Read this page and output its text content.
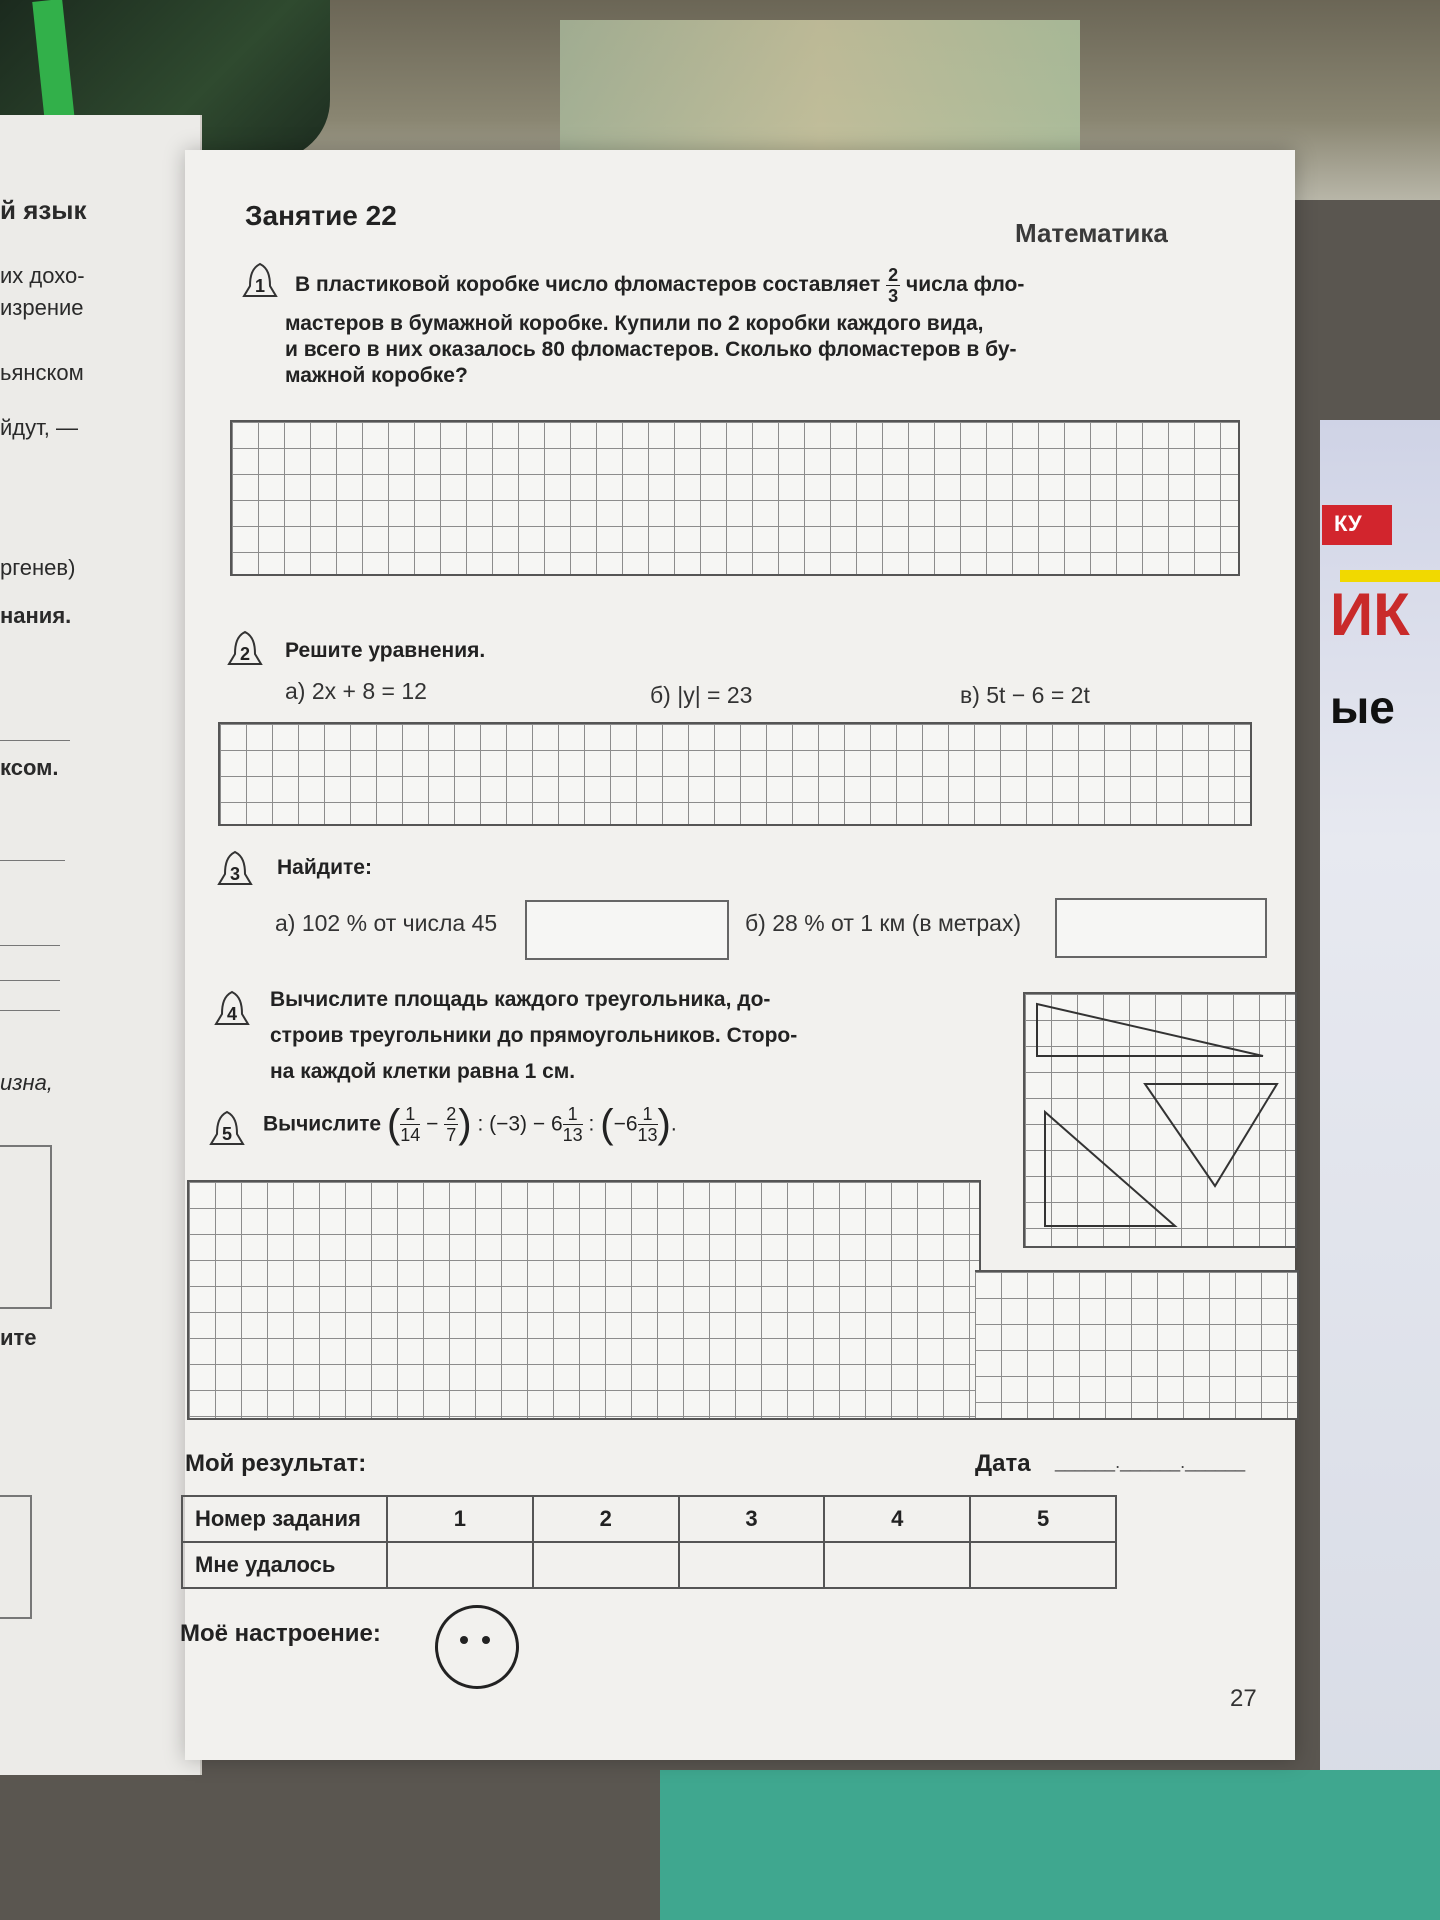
КУ
ИК
ые
й язык
их дохо-
изрение
ьянском
йдут, —
ргенев)
нания.
ксом.
изна,
ите
Занятие 22
Математика
1 В пластиковой коробке число фломастеров составляет $\frac{2}{3}$ числа фло-
мастеров в бумажной коробке. Купили по 2 коробки каждого вида,
и всего в них оказалось 80 фломастеров. Сколько фломастеров в бу-
мажной коробке?
2 Решите уравнения.
а) 2x + 8 = 12	б) |y| = 23	в) 5t − 6 = 2t
3 Найдите:
а) 102 % от числа 45	б) 28 % от 1 км (в метрах)
4
Вычислите площадь каждого треугольника, до-
строив треугольники до прямоугольников. Сторо-
на каждой клетки равна 1 см.
5 Вычислите ( $\frac{1}{14} - \frac{2}{7}$ ) : $(-3) - 6 \frac{1}{13}$ : ($-6 \frac{1}{13}$ ).
Мой результат:	Дата ______.______.______
Номер задания	1	2	3	4	5
Мне удалось					
Моё настроение:
27
